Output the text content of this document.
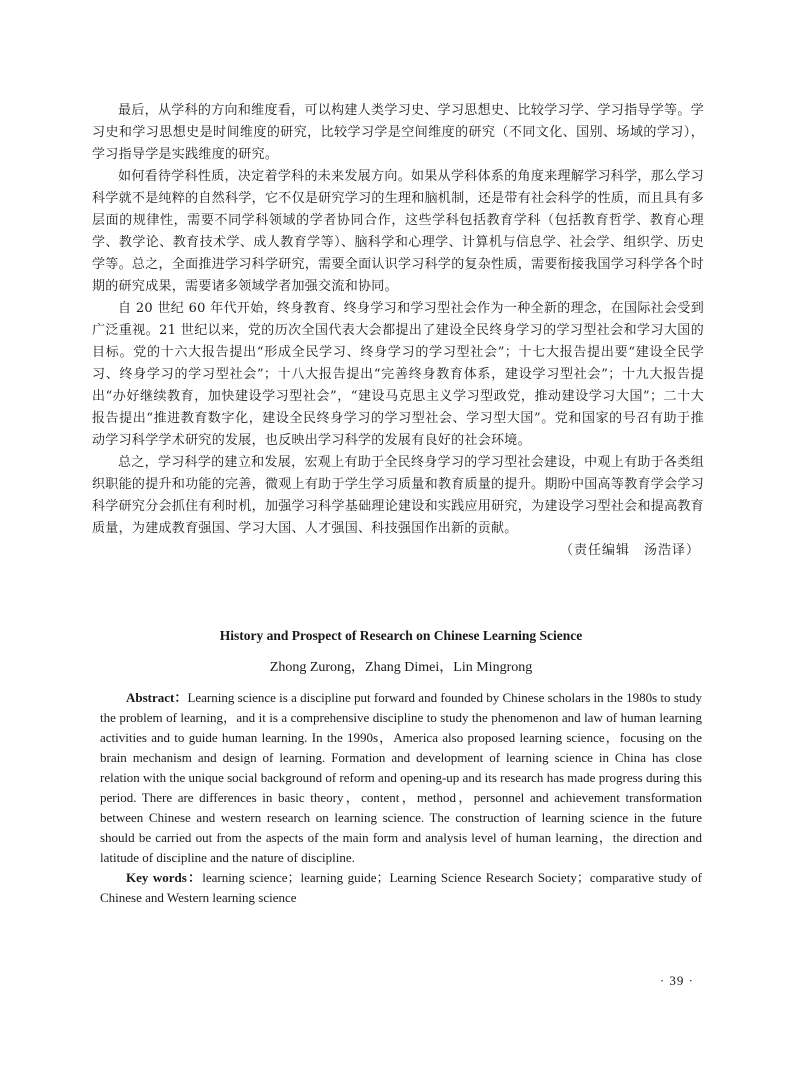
最后，从学科的方向和维度看，可以构建人类学习史、学习思想史、比较学习学、学习指导学等。学习史和学习思想史是时间维度的研究，比较学习学是空间维度的研究（不同文化、国别、场域的学习），学习指导学是实践维度的研究。

如何看待学科性质，决定着学科的未来发展方向。如果从学科体系的角度来理解学习科学，那么学习科学就不是纯粹的自然科学，它不仅是研究学习的生理和脑机制，还是带有社会科学的性质，而且具有多层面的规律性，需要不同学科领域的学者协同合作，这些学科包括教育学科（包括教育哲学、教育心理学、教学论、教育技术学、成人教育学等）、脑科学和心理学、计算机与信息学、社会学、组织学、历史学等。总之，全面推进学习科学研究，需要全面认识学习科学的复杂性质，需要衔接我国学习科学各个时期的研究成果，需要诸多领域学者加强交流和协同。

自 20 世纪 60 年代开始，终身教育、终身学习和学习型社会作为一种全新的理念，在国际社会受到广泛重视。21 世纪以来，党的历次全国代表大会都提出了建设全民终身学习的学习型社会和学习大国的目标。党的十六大报告提出“形成全民学习、终身学习的学习型社会”；十七大报告提出要“建设全民学习、终身学习的学习型社会”；十八大报告提出“完善终身教育体系，建设学习型社会”；十九大报告提出“办好继续教育，加快建设学习型社会”，“建设马克思主义学习型政党，推动建设学习大国”；二十大报告提出“推进教育数字化，建设全民终身学习的学习型社会、学习型大国”。党和国家的号召有助于推动学习科学学术研究的发展，也反映出学习科学的发展有良好的社会环境。

总之，学习科学的建立和发展，宏观上有助于全民终身学习的学习型社会建设，中观上有助于各类组织职能的提升和功能的完善，微观上有助于学生学习质量和教育质量的提升。期盼中国高等教育学会学习科学研究分会抓住有利时机，加强学习科学基础理论建设和实践应用研究，为建设学习型社会和提高教育质量，为建成教育强国、学习大国、人才强国、科技强国作出新的贡献。

（责任编辑　汤浩译）

History and Prospect of Research on Chinese Learning Science

Zhong Zurong，Zhang Dimei，Lin Mingrong

Abstract：Learning science is a discipline put forward and founded by Chinese scholars in the 1980s to study the problem of learning，and it is a comprehensive discipline to study the phenomenon and law of human learning activities and to guide human learning. In the 1990s，America also proposed learning science，focusing on the brain mechanism and design of learning. Formation and development of learning science in China has close relation with the unique social background of reform and opening-up and its research has made progress during this period. There are differences in basic theory，content，method，personnel and achievement transformation between Chinese and western research on learning science. The construction of learning science in the future should be carried out from the aspects of the main form and analysis level of human learning，the direction and latitude of discipline and the nature of discipline.

Key words：learning science；learning guide；Learning Science Research Society；comparative study of Chinese and Western learning science

· 39 ·
